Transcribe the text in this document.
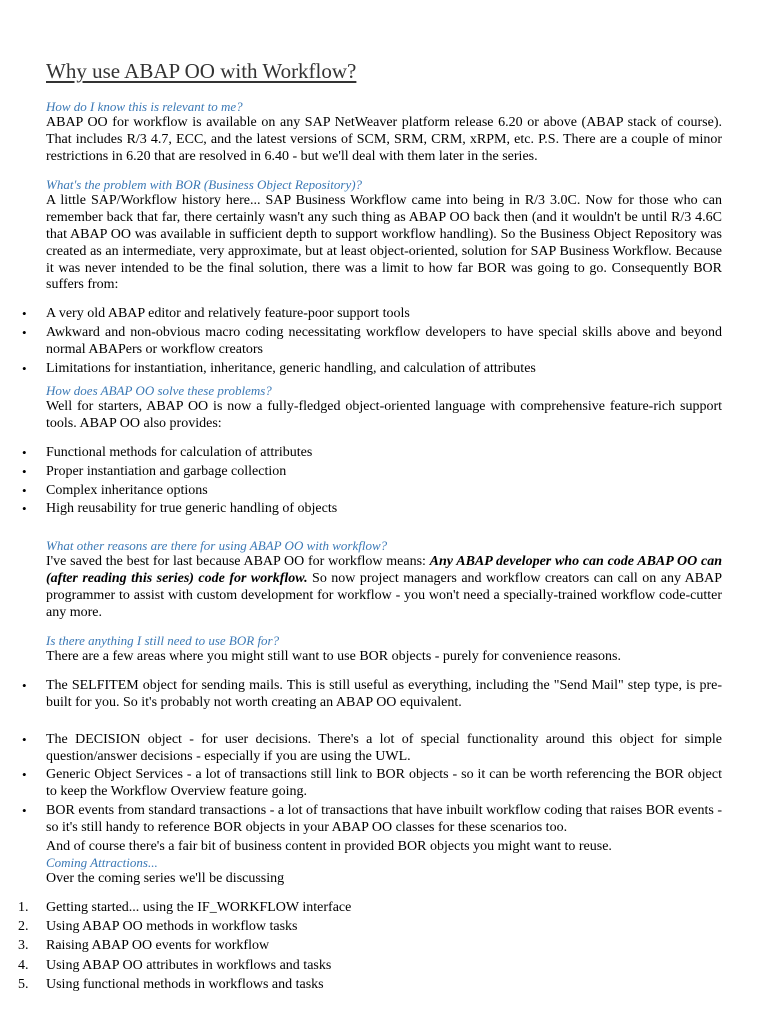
Why use ABAP OO with Workflow?
How do I know this is relevant to me?

ABAP OO for workflow is available on any SAP NetWeaver platform release 6.20 or above (ABAP stack of course). That includes R/3 4.7, ECC, and the latest versions of SCM, SRM, CRM, xRPM, etc. P.S. There are a couple of minor restrictions in 6.20 that are resolved in 6.40 - but we'll deal with them later in the series.

What's the problem with BOR (Business Object Repository)?

A little SAP/Workflow history here... SAP Business Workflow came into being in R/3 3.0C. Now for those who can remember back that far, there certainly wasn't any such thing as ABAP OO back then (and it wouldn't be until R/3 4.6C that ABAP OO was available in sufficient depth to support workflow handling). So the Business Object Repository was created as an intermediate, very approximate, but at least object-oriented, solution for SAP Business Workflow. Because it was never intended to be the final solution, there was a limit to how far BOR was going to go. Consequently BOR suffers from:

• A very old ABAP editor and relatively feature-poor support tools
• Awkward and non-obvious macro coding necessitating workflow developers to have special skills above and beyond normal ABAPers or workflow creators
• Limitations for instantiation, inheritance, generic handling, and calculation of attributes
How does ABAP OO solve these problems?

Well for starters, ABAP OO is now a fully-fledged object-oriented language with comprehensive feature-rich support tools. ABAP OO also provides:

• Functional methods for calculation of attributes
• Proper instantiation and garbage collection
• Complex inheritance options
• High reusability for true generic handling of objects
What other reasons are there for using ABAP OO with workflow?

I've saved the best for last because ABAP OO for workflow means: Any ABAP developer who can code ABAP OO can (after reading this series) code for workflow. So now project managers and workflow creators can call on any ABAP programmer to assist with custom development for workflow - you won't need a specially-trained workflow code-cutter any more.

Is there anything I still need to use BOR for?

There are a few areas where you might still want to use BOR objects - purely for convenience reasons.

• The SELFITEM object for sending mails. This is still useful as everything, including the "Send Mail" step type, is pre-built for you. So it's probably not worth creating an ABAP OO equivalent.
• The DECISION object - for user decisions. There's a lot of special functionality around this object for simple question/answer decisions - especially if you are using the UWL.
• Generic Object Services - a lot of transactions still link to BOR objects - so it can be worth referencing the BOR object to keep the Workflow Overview feature going.
• BOR events from standard transactions - a lot of transactions that have inbuilt workflow coding that raises BOR events - so it's still handy to reference BOR objects in your ABAP OO classes for these scenarios too.

And of course there's a fair bit of business content in provided BOR objects you might want to reuse.

Coming Attractions...

Over the coming series we'll be discussing

1. Getting started... using the IF_WORKFLOW interface
2. Using ABAP OO methods in workflow tasks
3. Raising ABAP OO events for workflow
4. Using ABAP OO attributes in workflows and tasks
5. Using functional methods in workflows and tasks
